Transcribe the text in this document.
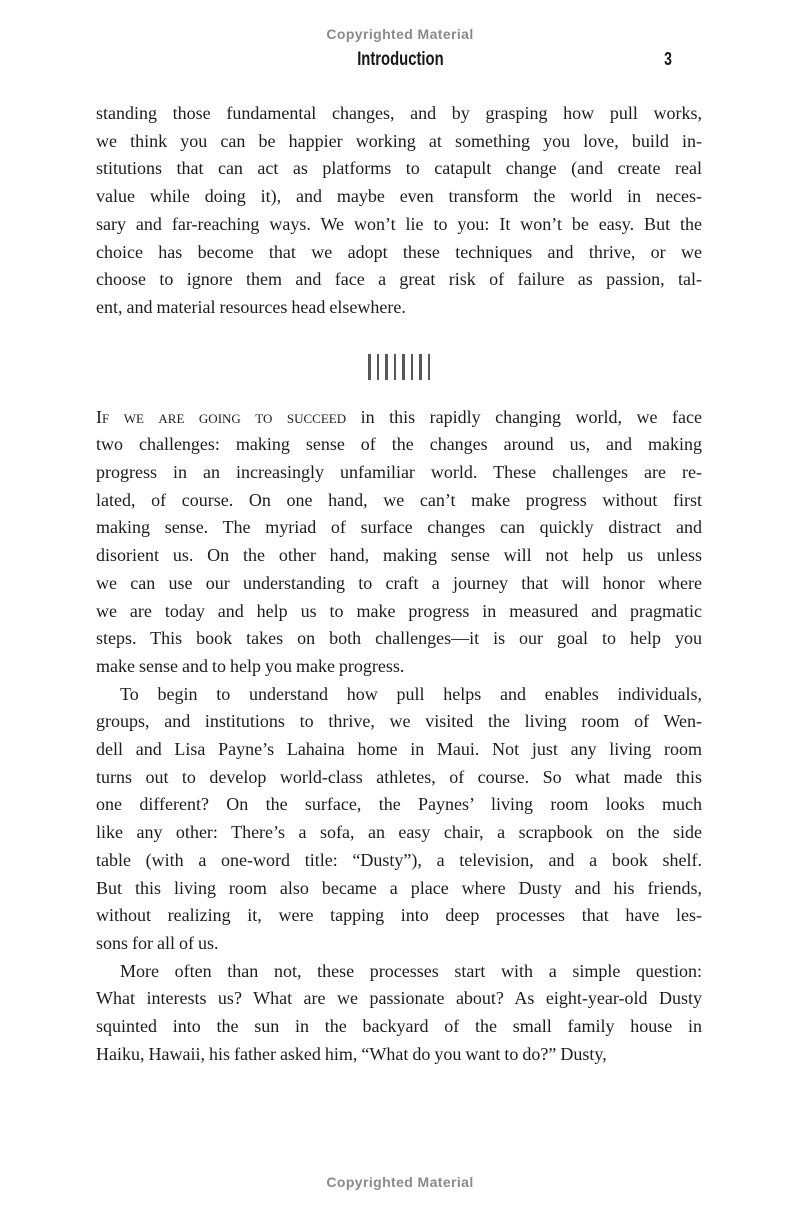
Copyrighted Material
Introduction	3
standing those fundamental changes, and by grasping how pull works,
we think you can be happier working at something you love, build in-
stitutions that can act as platforms to catapult change (and create real
value while doing it), and maybe even transform the world in neces-
sary and far-reaching ways. We won’t lie to you: It won’t be easy. But the
choice has become that we adopt these techniques and thrive, or we
choose to ignore them and face a great risk of failure as passion, tal-
ent, and material resources head elsewhere.
If we are going to succeed in this rapidly changing world, we face
two challenges: making sense of the changes around us, and making
progress in an increasingly unfamiliar world. These challenges are re-
lated, of course. On one hand, we can’t make progress without first
making sense. The myriad of surface changes can quickly distract and
disorient us. On the other hand, making sense will not help us unless
we can use our understanding to craft a journey that will honor where
we are today and help us to make progress in measured and pragmatic
steps. This book takes on both challenges—it is our goal to help you
make sense and to help you make progress.
To begin to understand how pull helps and enables individuals,
groups, and institutions to thrive, we visited the living room of Wen-
dell and Lisa Payne’s Lahaina home in Maui. Not just any living room
turns out to develop world-class athletes, of course. So what made this
one different? On the surface, the Paynes’ living room looks much
like any other: There’s a sofa, an easy chair, a scrapbook on the side
table (with a one-word title: “Dusty”), a television, and a book shelf.
But this living room also became a place where Dusty and his friends,
without realizing it, were tapping into deep processes that have les-
sons for all of us.
More often than not, these processes start with a simple question:
What interests us? What are we passionate about? As eight-year-old Dusty
squinted into the sun in the backyard of the small family house in
Haiku, Hawaii, his father asked him, “What do you want to do?” Dusty,
Copyrighted Material
